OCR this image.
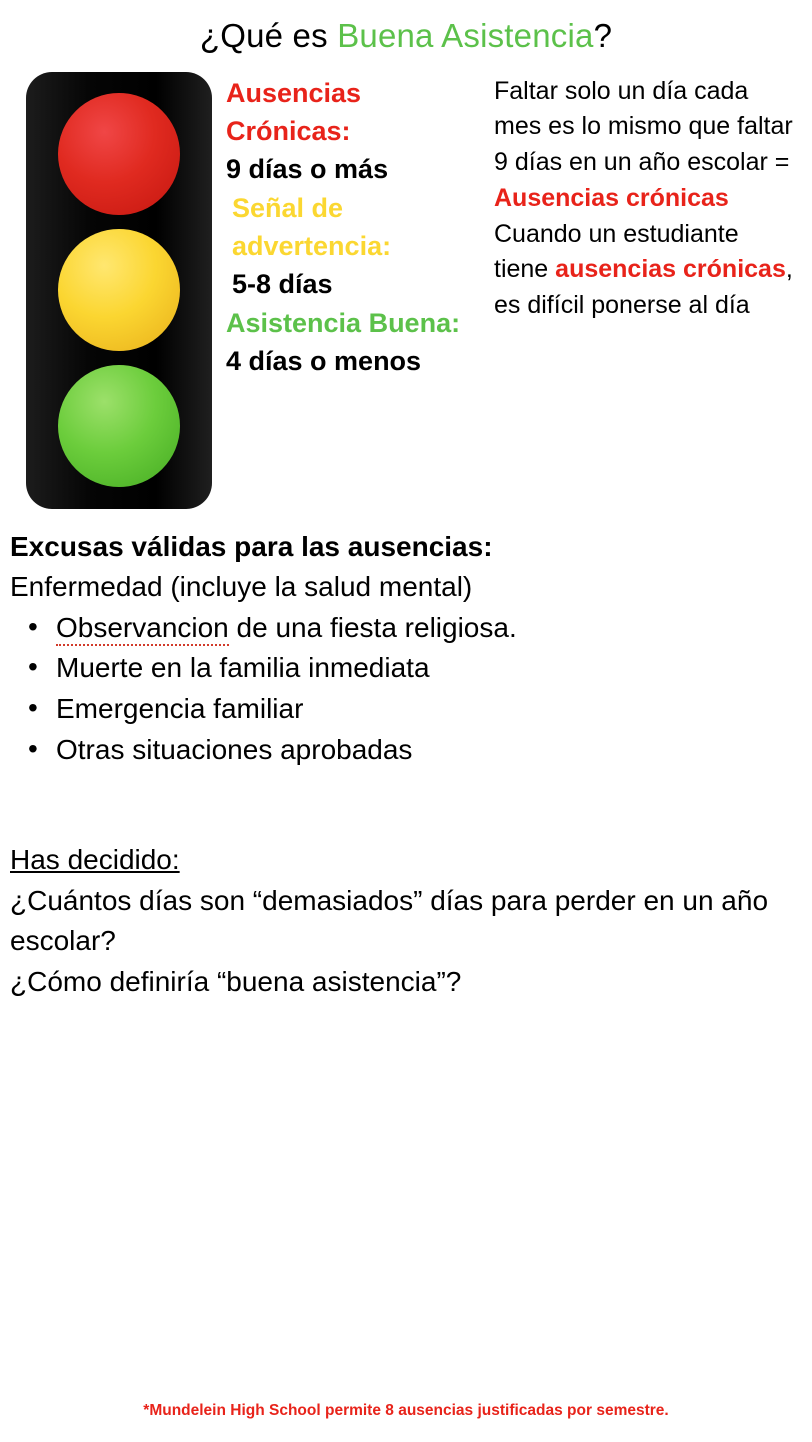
¿Qué es Buena Asistencia?
Ausencias Crónicas:
9 días o más
Señal de advertencia:
5-8 días
Asistencia Buena:
4 días o menos
Faltar solo un día cada mes es lo mismo que faltar 9 días en un año escolar = Ausencias crónicas Cuando un estudiante tiene ausencias crónicas, es difícil ponerse al día
Excusas válidas para las ausencias:
Enfermedad (incluye la salud mental)
• Observancion de una fiesta religiosa.
• Muerte en la familia inmediata
• Emergencia familiar
• Otras situaciones aprobadas
Has decidido:
¿Cuántos días son “demasiados” días para perder en un año escolar?
¿Cómo definiría “buena asistencia”?
*Mundelein High School permite 8 ausencias justificadas por semestre.
